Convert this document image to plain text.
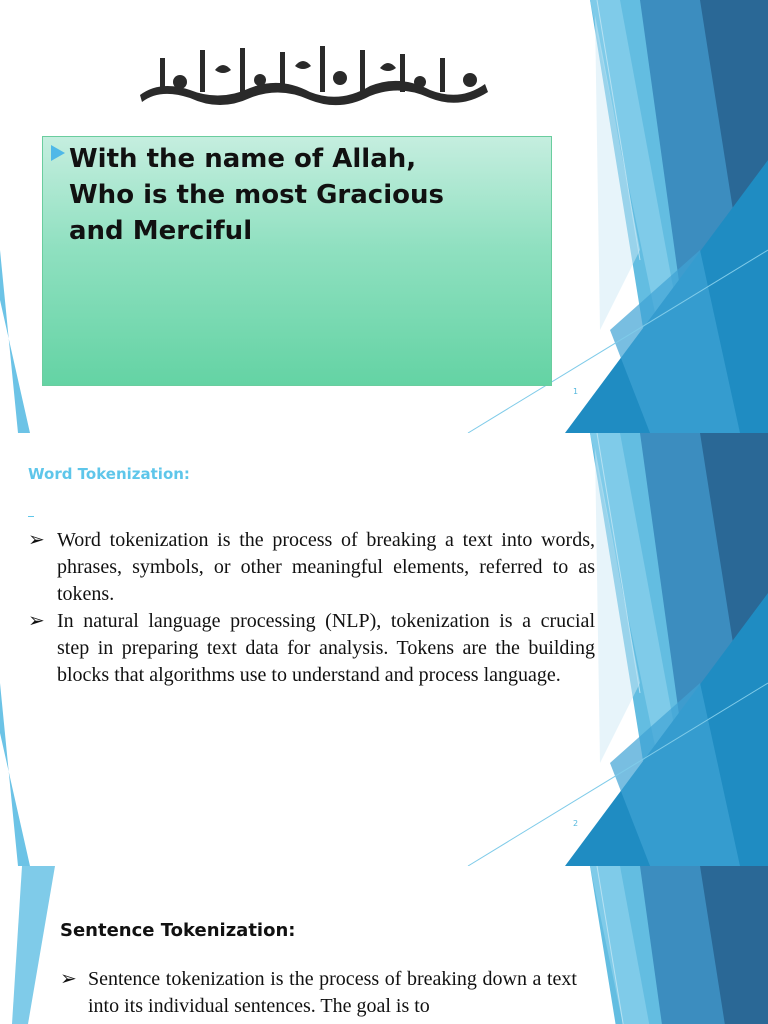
With the name of Allah,
Who is the most Gracious
and Merciful
1
Word Tokenization:
➢ Word tokenization is the process of breaking a text into words, phrases, symbols, or other meaningful elements, referred to as tokens.
➢ In natural language processing (NLP), tokenization is a crucial step in preparing text data for analysis. Tokens are the building blocks that algorithms use to understand and process language.
2
Sentence Tokenization:
➢ Sentence tokenization is the process of breaking down a text into its individual sentences. The goal is to
